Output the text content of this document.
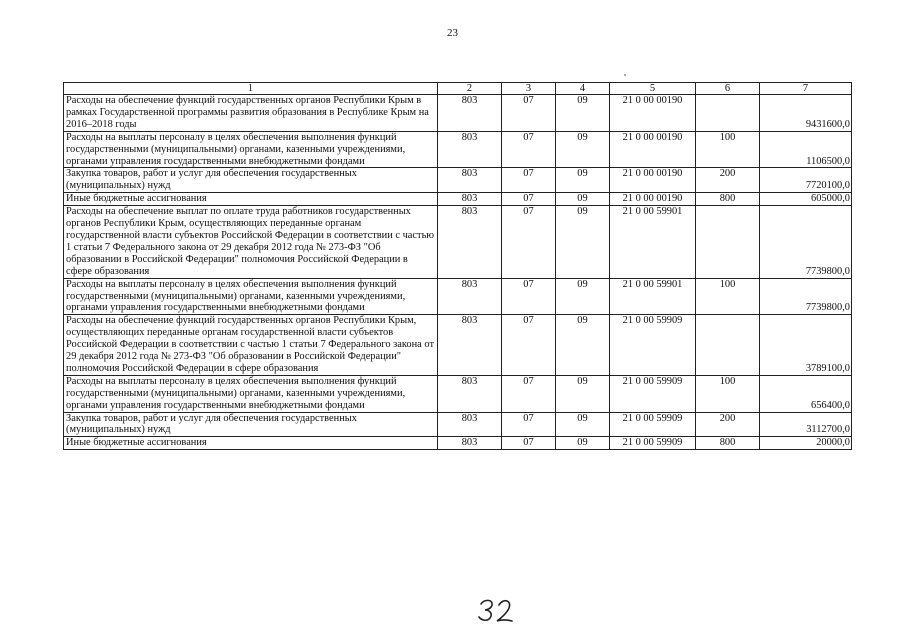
23
1	2	3	4	5	6	7
Расходы на обеспечение функций государственных органов Республики Крым в рамках Государственной программы развития образования в Республике Крым на 2016–2018 годы	803	07	09	21 0 00 00190		9431600,0
Расходы на выплаты персоналу в целях обеспечения выполнения функций государственными (муниципальными) органами, казенными учреждениями, органами управления государственными внебюджетными фондами	803	07	09	21 0 00 00190	100	1106500,0
Закупка товаров, работ и услуг для обеспечения государственных (муниципальных) нужд	803	07	09	21 0 00 00190	200	7720100,0
Иные бюджетные ассигнования	803	07	09	21 0 00 00190	800	605000,0
Расходы на обеспечение выплат по оплате труда работников государственных органов Республики Крым, осуществляющих переданные органам государственной власти субъектов Российской Федерации в соответствии с частью 1 статьи 7 Федерального закона от 29 декабря 2012 года № 273-ФЗ "Об образовании в Российской Федерации" полномочия Российской Федерации в сфере образования	803	07	09	21 0 00 59901		7739800,0
Расходы на выплаты персоналу в целях обеспечения выполнения функций государственными (муниципальными) органами, казенными учреждениями, органами управления государственными внебюджетными фондами	803	07	09	21 0 00 59901	100	7739800,0
Расходы на обеспечение функций государственных органов Республики Крым, осуществляющих переданные органам государственной власти субъектов Российской Федерации в соответствии с частью 1 статьи 7 Федерального закона от 29 декабря 2012 года № 273-ФЗ "Об образовании в Российской Федерации" полномочия Российской Федерации в сфере образования	803	07	09	21 0 00 59909		3789100,0
Расходы на выплаты персоналу в целях обеспечения выполнения функций государственными (муниципальными) органами, казенными учреждениями, органами управления государственными внебюджетными фондами	803	07	09	21 0 00 59909	100	656400,0
Закупка товаров, работ и услуг для обеспечения государственных (муниципальных) нужд	803	07	09	21 0 00 59909	200	3112700,0
Иные бюджетные ассигнования	803	07	09	21 0 00 59909	800	20000,0
